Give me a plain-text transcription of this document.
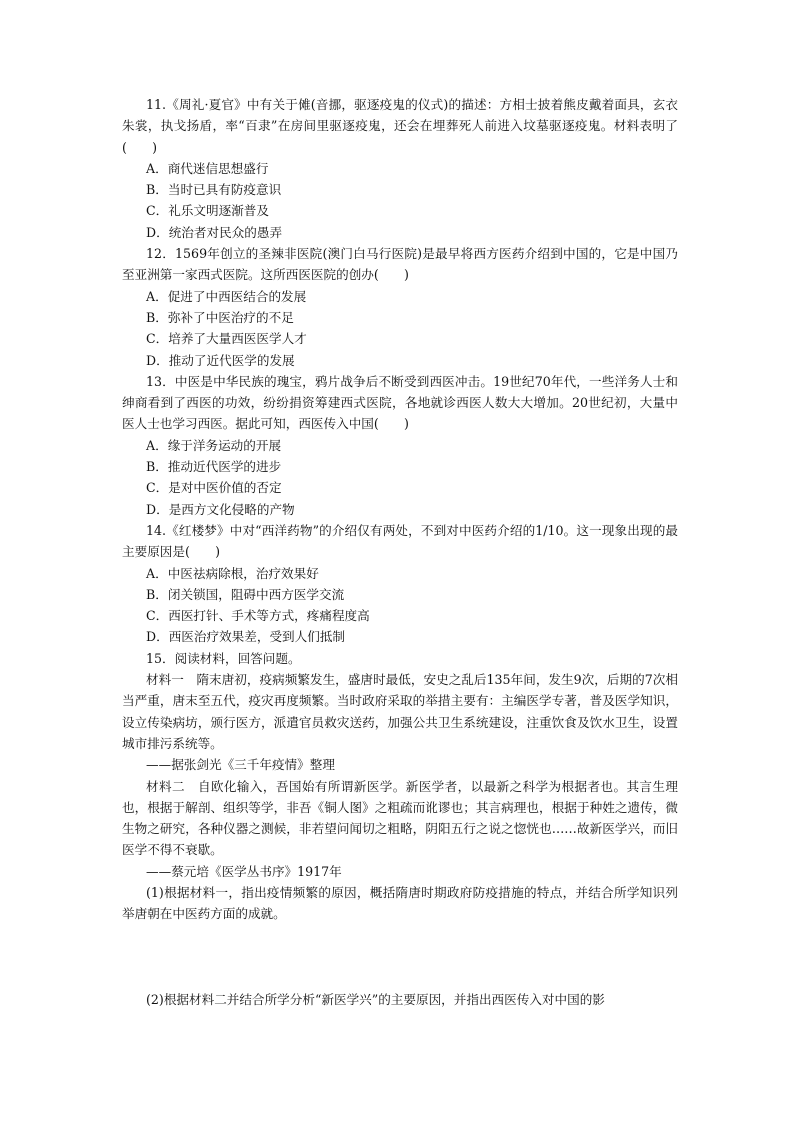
11.《周礼·夏官》中有关于傩(音挪，驱逐疫鬼的仪式)的描述：方相士披着熊皮戴着面具，玄衣朱裳，执戈扬盾，率“百隶”在房间里驱逐疫鬼，还会在埋葬死人前进入坟墓驱逐疫鬼。材料表明了(　　)

A．商代迷信思想盛行

B．当时已具有防疫意识

C．礼乐文明逐渐普及

D．统治者对民众的愚弄

12．1569年创立的圣辣非医院(澳门白马行医院)是最早将西方医药介绍到中国的，它是中国乃至亚洲第一家西式医院。这所西医医院的创办(　　)

A．促进了中西医结合的发展

B．弥补了中医治疗的不足

C．培养了大量西医医学人才

D．推动了近代医学的发展

13．中医是中华民族的瑰宝，鸦片战争后不断受到西医冲击。19世纪70年代，一些洋务人士和绅商看到了西医的功效，纷纷捐资筹建西式医院，各地就诊西医人数大大增加。20世纪初，大量中医人士也学习西医。据此可知，西医传入中国(　　)

A．缘于洋务运动的开展

B．推动近代医学的进步

C．是对中医价值的否定

D．是西方文化侵略的产物

14.《红楼梦》中对“西洋药物”的介绍仅有两处，不到对中医药介绍的1/10。这一现象出现的最主要原因是(　　)

A．中医祛病除根，治疗效果好

B．闭关锁国，阻碍中西方医学交流

C．西医打针、手术等方式，疼痛程度高

D．西医治疗效果差，受到人们抵制

15．阅读材料，回答问题。

材料一　隋末唐初，疫病频繁发生，盛唐时最低，安史之乱后135年间，发生9次，后期的7次相当严重，唐末至五代，疫灾再度频繁。当时政府采取的举措主要有：主编医学专著，普及医学知识，设立传染病坊，颁行医方，派遣官员救灾送药，加强公共卫生系统建设，注重饮食及饮水卫生，设置城市排污系统等。

——据张剑光《三千年疫情》整理

材料二　自欧化输入，吾国始有所谓新医学。新医学者，以最新之科学为根据者也。其言生理也，根据于解剖、组织等学，非吾《铜人图》之粗疏而讹谬也；其言病理也，根据于种姓之遗传，微生物之研究，各种仪器之测候，非若望问闻切之粗略，阴阳五行之说之惚恍也……故新医学兴，而旧医学不得不衰歇。

——蔡元培《医学丛书序》1917年

(1)根据材料一，指出疫情频繁的原因，概括隋唐时期政府防疫措施的特点，并结合所学知识列举唐朝在中医药方面的成就。

(2)根据材料二并结合所学分析“新医学兴”的主要原因，并指出西医传入对中国的影
